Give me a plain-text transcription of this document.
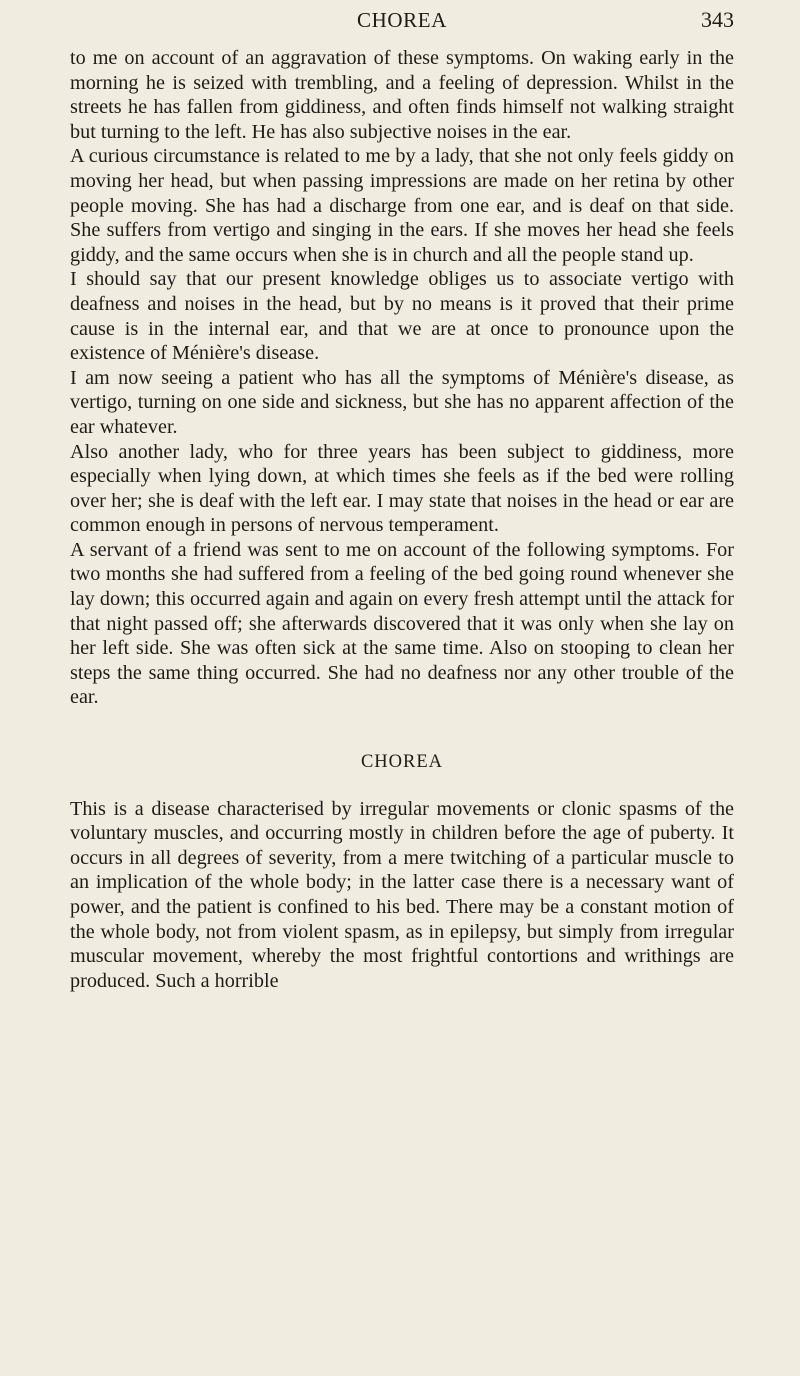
CHOREA	343

to me on account of an aggravation of these symptoms. On waking early in the morning he is seized with trembling, and a feeling of depression. Whilst in the streets he has fallen from giddiness, and often finds himself not walking straight but turning to the left. He has also subjective noises in the ear.

A curious circumstance is related to me by a lady, that she not only feels giddy on moving her head, but when passing impressions are made on her retina by other people moving. She has had a discharge from one ear, and is deaf on that side. She suffers from vertigo and singing in the ears. If she moves her head she feels giddy, and the same occurs when she is in church and all the people stand up.

I should say that our present knowledge obliges us to associate vertigo with deafness and noises in the head, but by no means is it proved that their prime cause is in the internal ear, and that we are at once to pronounce upon the existence of Ménière's disease.

I am now seeing a patient who has all the symptoms of Ménière's disease, as vertigo, turning on one side and sickness, but she has no apparent affection of the ear whatever.

Also another lady, who for three years has been subject to giddiness, more especially when lying down, at which times she feels as if the bed were rolling over her; she is deaf with the left ear. I may state that noises in the head or ear are common enough in persons of nervous temperament.

A servant of a friend was sent to me on account of the following symptoms. For two months she had suffered from a feeling of the bed going round whenever she lay down; this occurred again and again on every fresh attempt until the attack for that night passed off; she afterwards discovered that it was only when she lay on her left side. She was often sick at the same time. Also on stooping to clean her steps the same thing occurred. She had no deafness nor any other trouble of the ear.

CHOREA

This is a disease characterised by irregular movements or clonic spasms of the voluntary muscles, and occurring mostly in children before the age of puberty. It occurs in all degrees of severity, from a mere twitching of a particular muscle to an implication of the whole body; in the latter case there is a necessary want of power, and the patient is confined to his bed. There may be a constant motion of the whole body, not from violent spasm, as in epilepsy, but simply from irregular muscular movement, whereby the most frightful contortions and writhings are produced. Such a horrible
